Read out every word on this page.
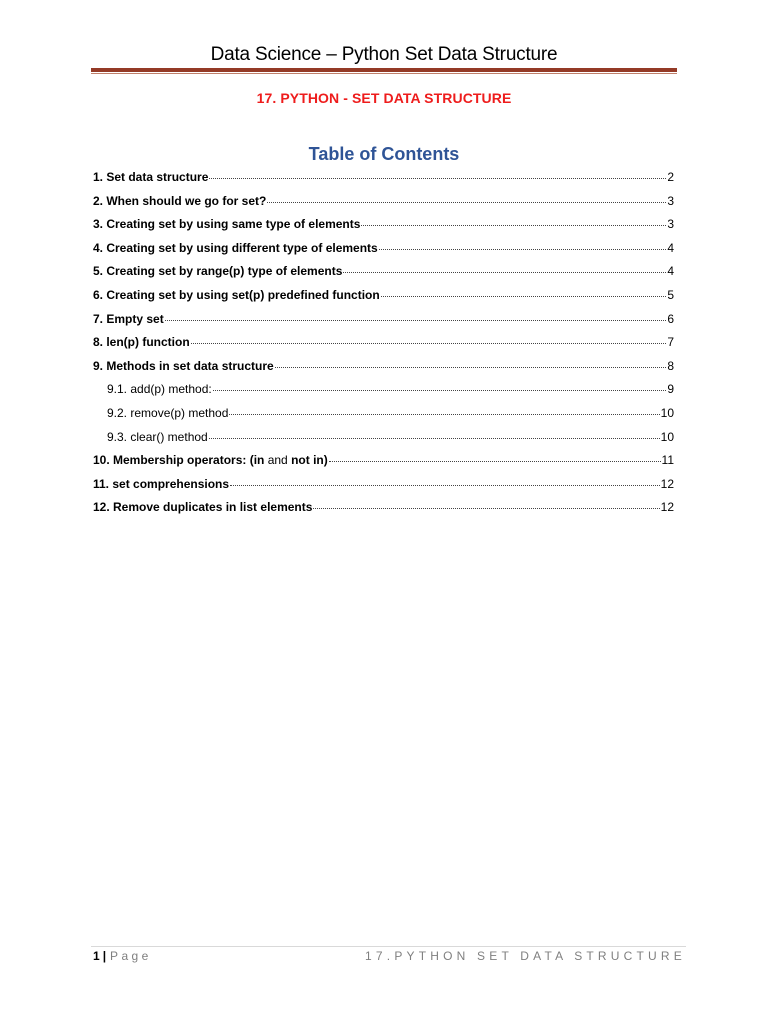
Data Science – Python Set Data Structure
17. PYTHON - SET DATA STRUCTURE
Table of Contents
1. Set data structure	2
2. When should we go for set?	3
3. Creating set by using same type of elements	3
4. Creating set by using different type of elements	4
5. Creating set by range(p) type of elements	4
6. Creating set by using set(p) predefined function	5
7. Empty set	6
8. len(p) function	7
9. Methods in set data structure	8
9.1. add(p) method:	9
9.2. remove(p) method	10
9.3. clear() method	10
10. Membership operators: (in and not in)	11
11. set comprehensions	12
12. Remove duplicates in list elements	12
1 | Page	17.PYTHON SET DATA STRUCTURE
